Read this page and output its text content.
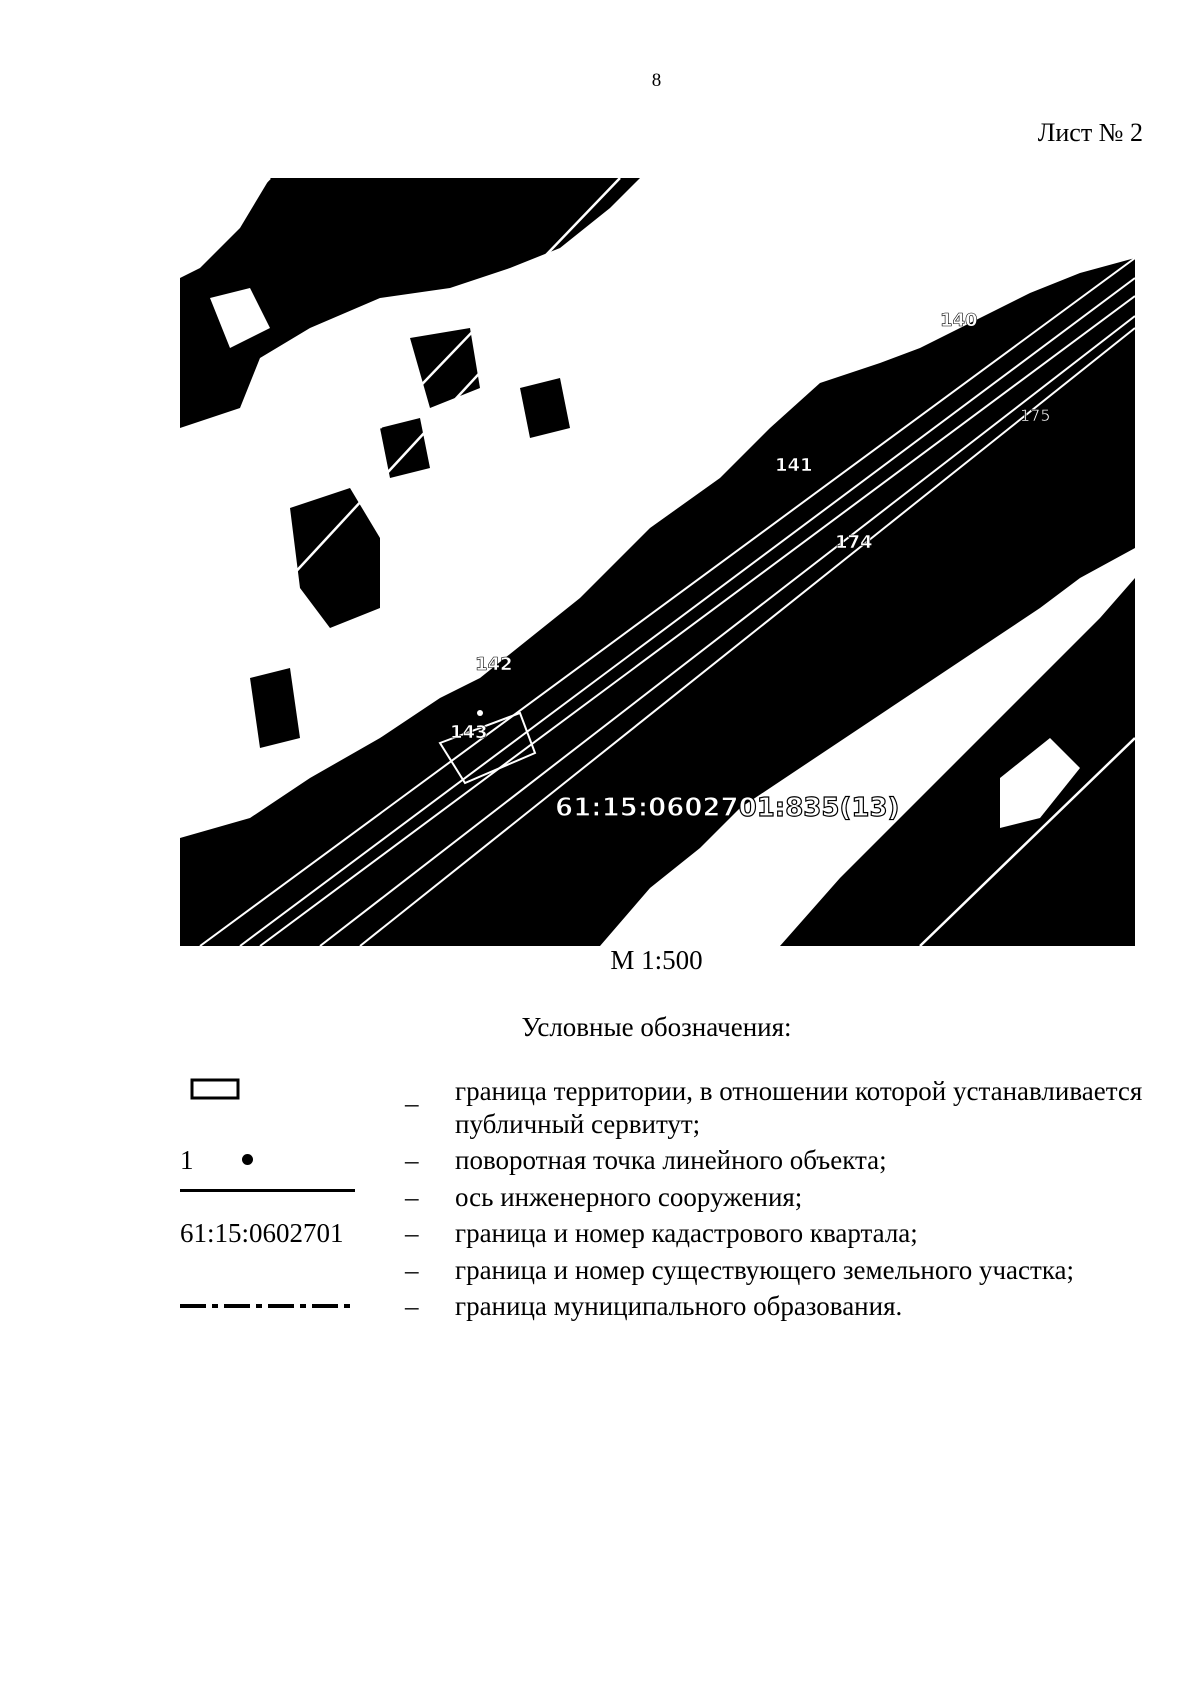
8
Лист № 2
140
175
141
174
142
143
61:15:0602701:835(13)
М 1:500
Условные обозначения:
– граница территории, в отношении которой устанавливается публичный сервитут;
1	– поворотная точка линейного объекта;
– ось инженерного сооружения;
61:15:0602701	– граница и номер кадастрового квартала;
– граница и номер существующего земельного участка;
– граница муниципального образования.
